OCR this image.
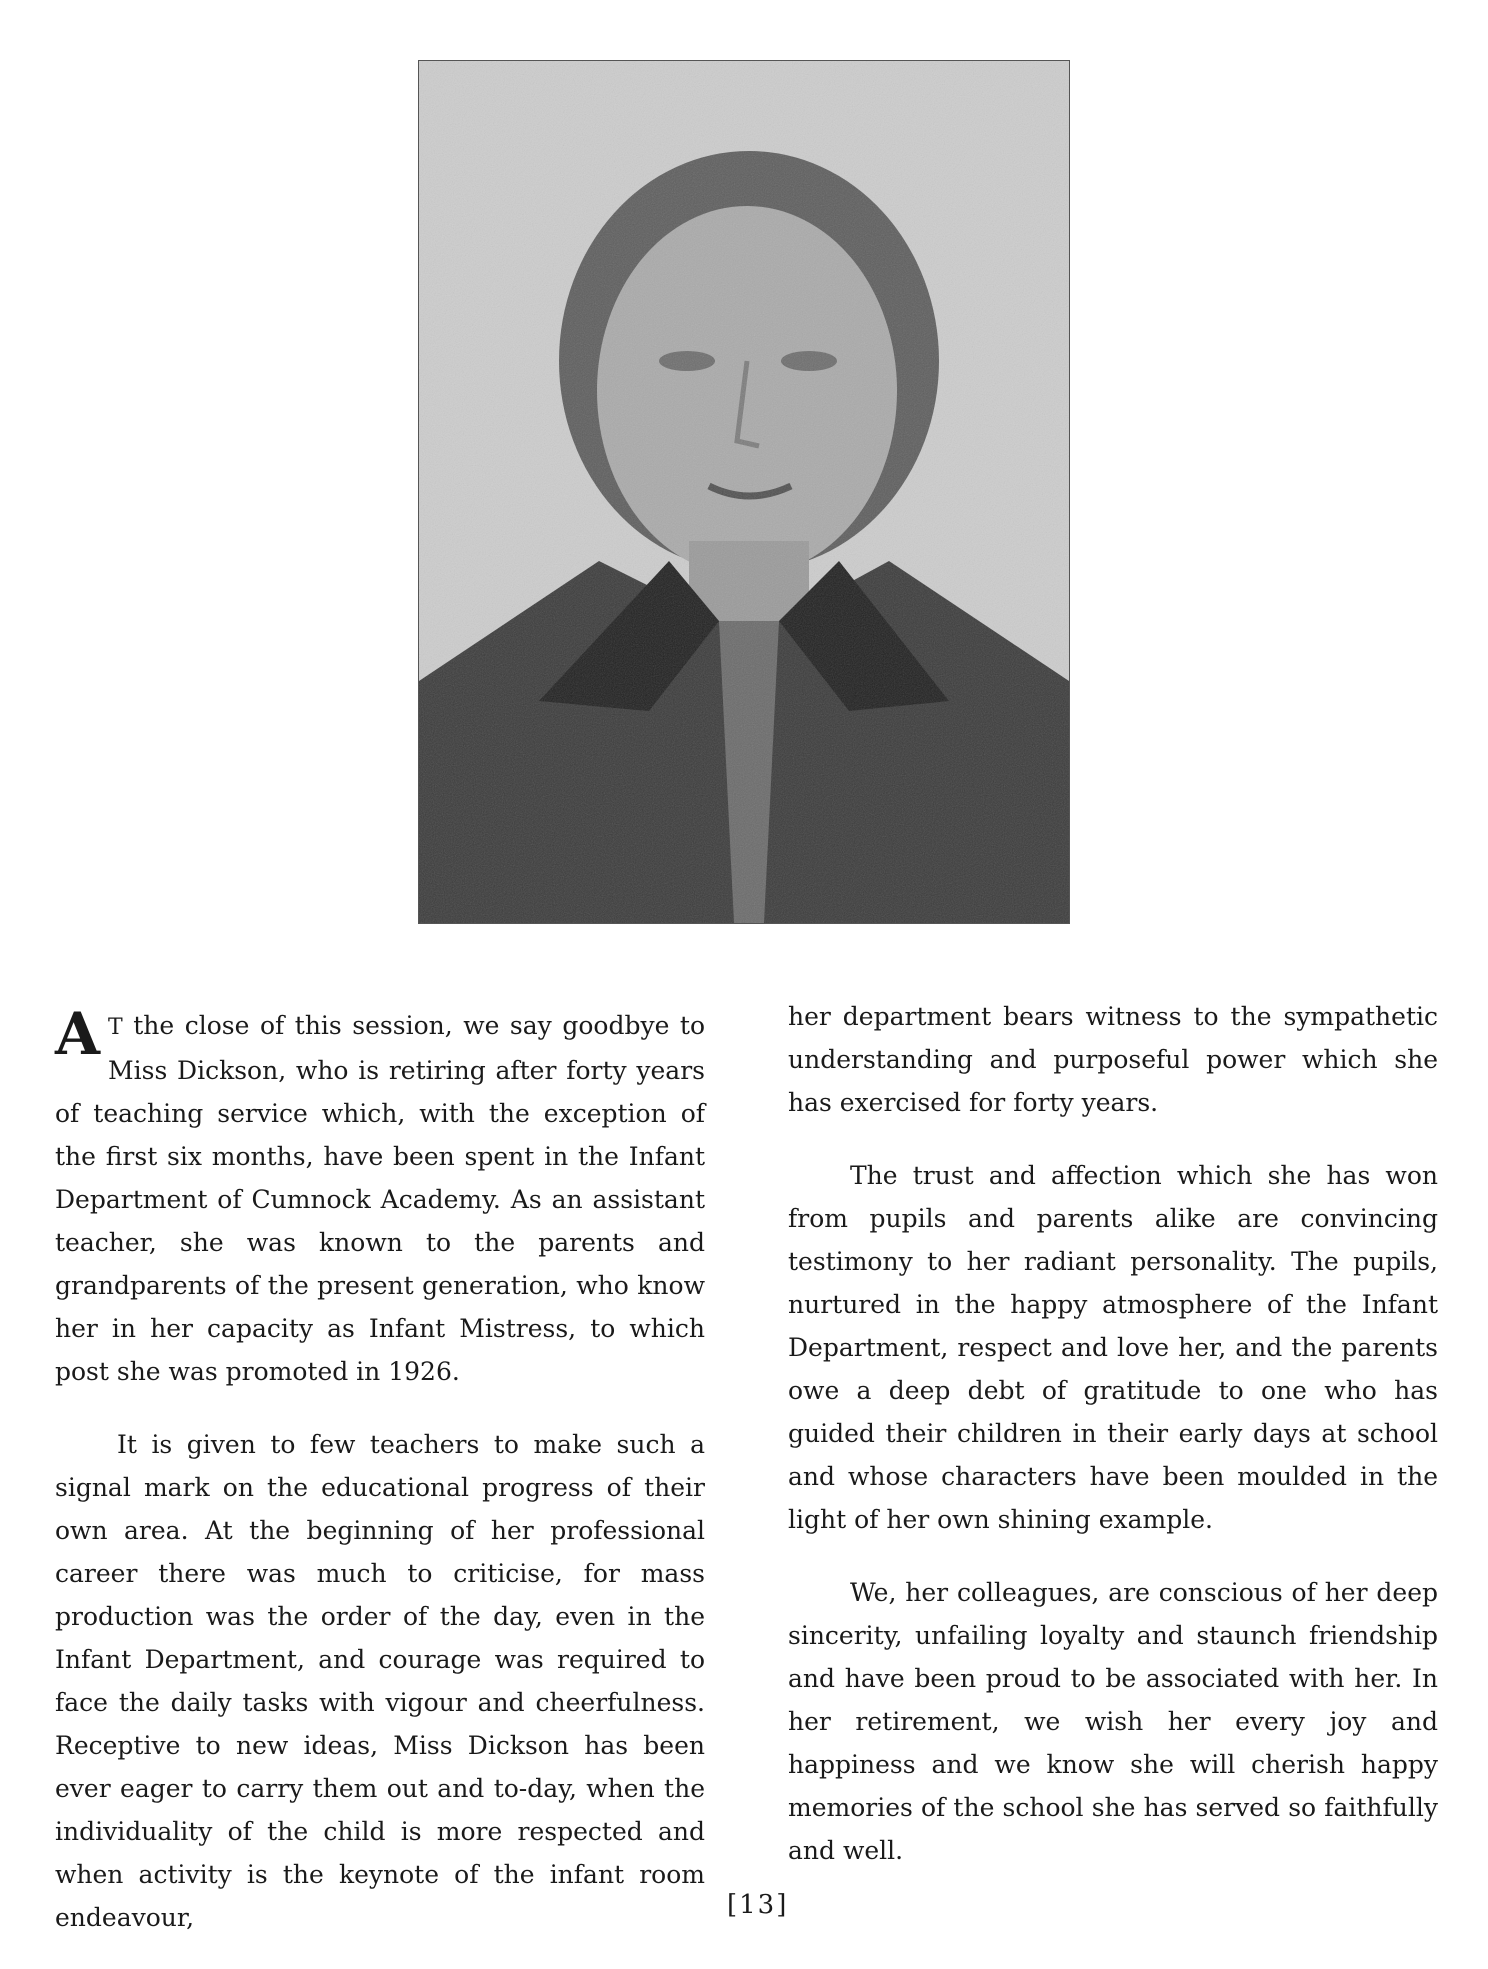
A T the close of this session, we say goodbye to Miss Dickson, who is retiring after forty years of teaching service which, with the exception of the first six months, have been spent in the Infant Department of Cumnock Academy. As an assistant teacher, she was known to the parents and grandparents of the present generation, who know her in her capacity as Infant Mistress, to which post she was promoted in 1926.

It is given to few teachers to make such a signal mark on the educational progress of their own area. At the beginning of her professional career there was much to criticise, for mass production was the order of the day, even in the Infant Department, and courage was required to face the daily tasks with vigour and cheerfulness. Receptive to new ideas, Miss Dickson has been ever eager to carry them out and to-day, when the individuality of the child is more respected and when activity is the keynote of the infant room endeavour,

her department bears witness to the sympathetic understanding and purposeful power which she has exercised for forty years.

The trust and affection which she has won from pupils and parents alike are convincing testimony to her radiant personality. The pupils, nurtured in the happy atmosphere of the Infant Department, respect and love her, and the parents owe a deep debt of gratitude to one who has guided their children in their early days at school and whose characters have been moulded in the light of her own shining example.

We, her colleagues, are conscious of her deep sincerity, unfailing loyalty and staunch friendship and have been proud to be associated with her. In her retirement, we wish her every joy and happiness and we know she will cherish happy memories of the school she has served so faithfully and well.

[13]
